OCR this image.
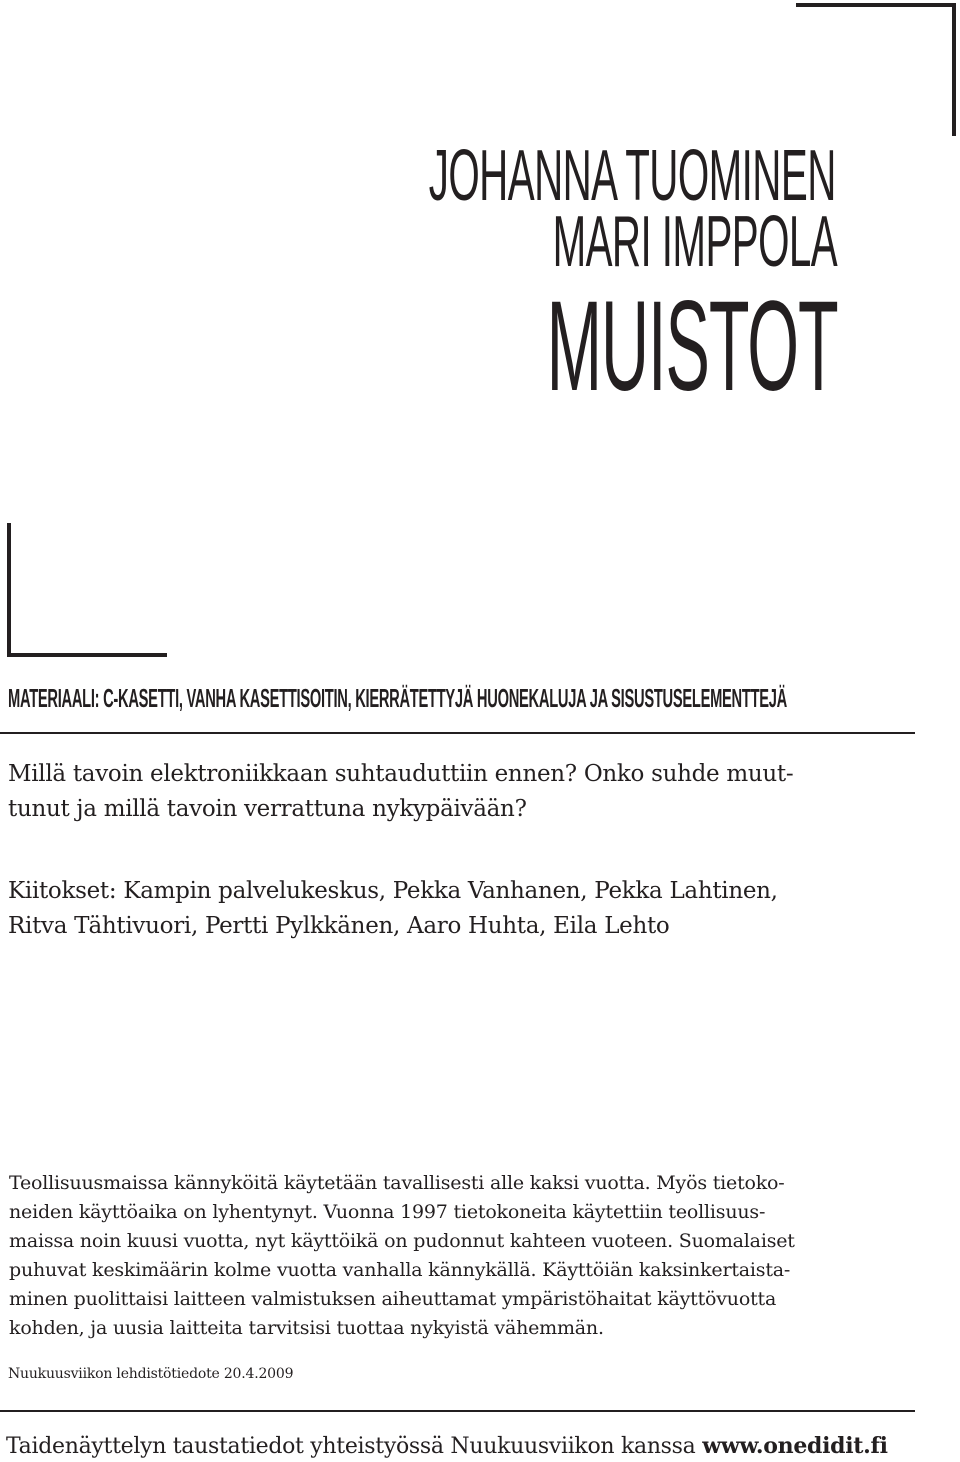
JOHANNA TUOMINEN
MARI IMPPOLA
MUISTOT
MATERIAALI: C-KASETTI, VANHA KASETTISOITIN, KIERRÄTETTYJÄ HUONEKALUJA JA SISUSTUSELEMENTTEJÄ
Millä tavoin elektroniikkaan suhtauduttiin ennen? Onko suhde muut-
tunut ja millä tavoin verrattuna nykypäivään?
Kiitokset: Kampin palvelukeskus, Pekka Vanhanen, Pekka Lahtinen,
Ritva Tähtivuori, Pertti Pylkkänen, Aaro Huhta, Eila Lehto
Teollisuusmaissa kännyköitä käytetään tavallisesti alle kaksi vuotta. Myös tietoko-
neiden käyttöaika on lyhentynyt. Vuonna 1997 tietokoneita käytettiin teollisuus-
maissa noin kuusi vuotta, nyt käyttöikä on pudonnut kahteen vuoteen. Suomalaiset
puhuvat keskimäärin kolme vuotta vanhalla kännykällä. Käyttöiän kaksinkertaista-
minen puolittaisi laitteen valmistuksen aiheuttamat ympäristöhaitat käyttövuotta
kohden, ja uusia laitteita tarvitsisi tuottaa nykyistä vähemmän.
Nuukuusviikon lehdistötiedote 20.4.2009
Taidenäyttelyn taustatiedot yhteistyössä Nuukuusviikon kanssa www.onedidit.fi
